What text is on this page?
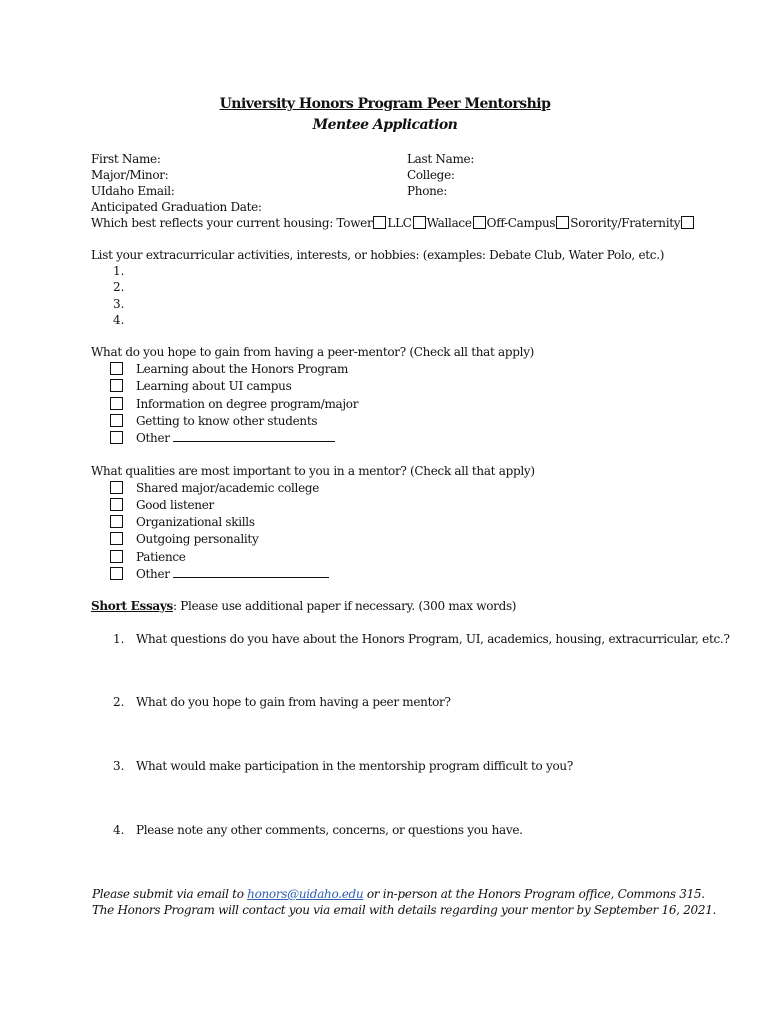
University Honors Program Peer Mentorship
Mentee Application
First Name:	Last Name:
Major/Minor:	College:
UIdaho Email:	Phone:
Anticipated Graduation Date:
Which best reflects your current housing: Tower LLC Wallace Off-Campus Sorority/Fraternity
List your extracurricular activities, interests, or hobbies: (examples: Debate Club, Water Polo, etc.)
1.
2.
3.
4.
What do you hope to gain from having a peer-mentor? (Check all that apply)
Learning about the Honors Program
Learning about UI campus
Information on degree program/major
Getting to know other students
Other
What qualities are most important to you in a mentor? (Check all that apply)
Shared major/academic college
Good listener
Organizational skills
Outgoing personality
Patience
Other
Short Essays: Please use additional paper if necessary. (300 max words)
1. What questions do you have about the Honors Program, UI, academics, housing, extracurricular, etc.?
2. What do you hope to gain from having a peer mentor?
3. What would make participation in the mentorship program difficult to you?
4. Please note any other comments, concerns, or questions you have.
Please submit via email to honors@uidaho.edu or in-person at the Honors Program office, Commons 315.
The Honors Program will contact you via email with details regarding your mentor by September 16, 2021.
